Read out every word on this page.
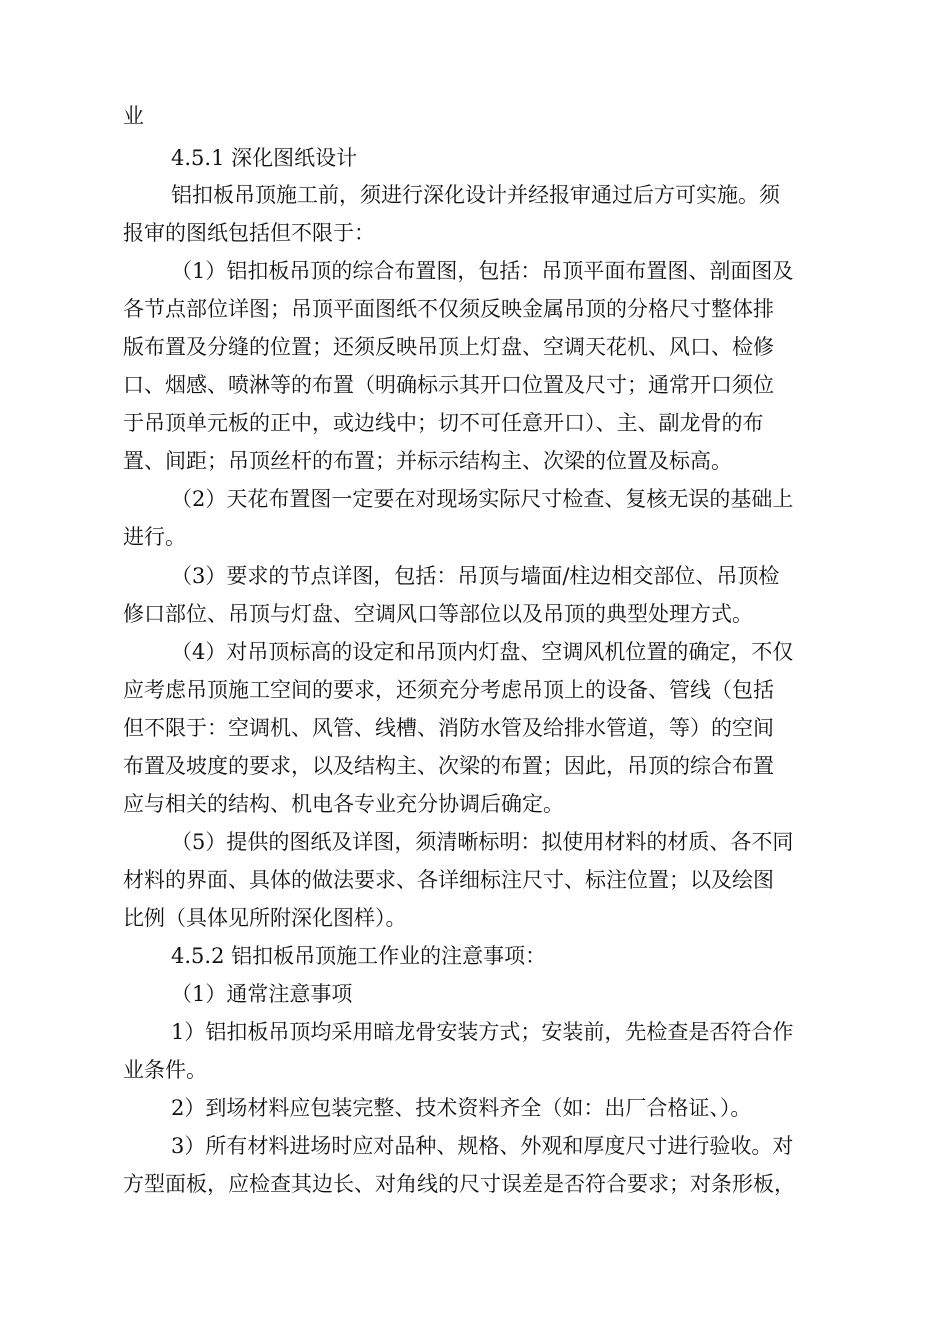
业
4.5.1 深化图纸设计
铝扣板吊顶施工前，须进行深化设计并经报审通过后方可实施。须
报审的图纸包括但不限于：
（1）铝扣板吊顶的综合布置图，包括：吊顶平面布置图、剖面图及
各节点部位详图；吊顶平面图纸不仅须反映金属吊顶的分格尺寸整体排
版布置及分缝的位置；还须反映吊顶上灯盘、空调天花机、风口、检修
口、烟感、喷淋等的布置（明确标示其开口位置及尺寸；通常开口须位
于吊顶单元板的正中，或边线中；切不可任意开口）、主、副龙骨的布
置、间距；吊顶丝杆的布置；并标示结构主、次梁的位置及标高。
（2）天花布置图一定要在对现场实际尺寸检查、复核无误的基础上
进行。
（3）要求的节点详图，包括：吊顶与墙面/柱边相交部位、吊顶检
修口部位、吊顶与灯盘、空调风口等部位以及吊顶的典型处理方式。
（4）对吊顶标高的设定和吊顶内灯盘、空调风机位置的确定，不仅
应考虑吊顶施工空间的要求，还须充分考虑吊顶上的设备、管线（包括
但不限于：空调机、风管、线槽、消防水管及给排水管道，等）的空间
布置及坡度的要求，以及结构主、次梁的布置；因此，吊顶的综合布置
应与相关的结构、机电各专业充分协调后确定。
（5）提供的图纸及详图，须清晰标明：拟使用材料的材质、各不同
材料的界面、具体的做法要求、各详细标注尺寸、标注位置；以及绘图
比例（具体见所附深化图样）。
4.5.2 铝扣板吊顶施工作业的注意事项：
（1）通常注意事项
1）铝扣板吊顶均采用暗龙骨安装方式；安装前，先检查是否符合作
业条件。
2）到场材料应包装完整、技术资料齐全（如：出厂合格证、）。
3）所有材料进场时应对品种、规格、外观和厚度尺寸进行验收。对
方型面板，应检查其边长、对角线的尺寸误差是否符合要求；对条形板，
